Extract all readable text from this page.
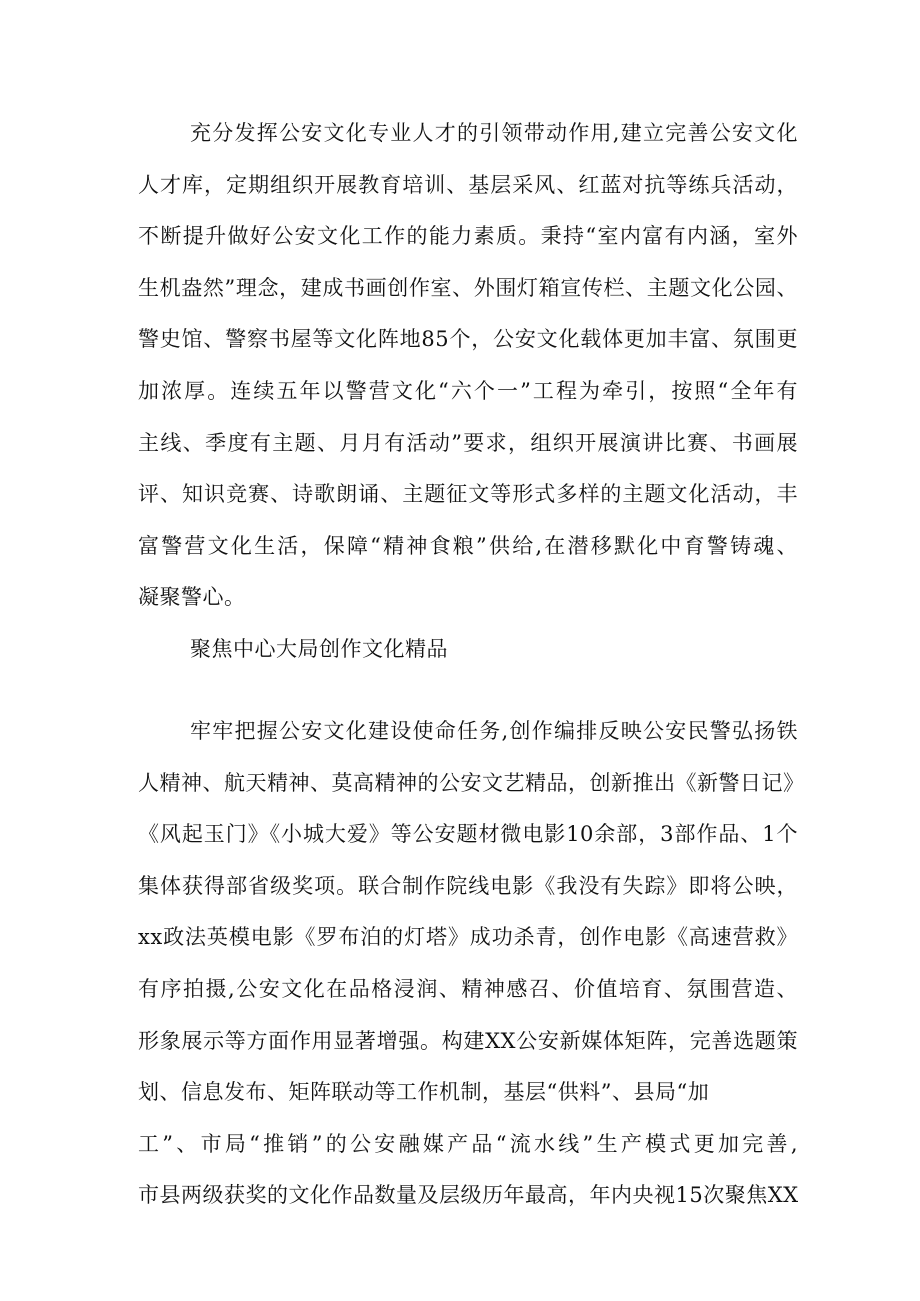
充分发挥公安文化专业人才的引领带动作用,建立完善公安文化
人才库，定期组织开展教育培训、基层采风、红蓝对抗等练兵活动，
不断提升做好公安文化工作的能力素质。秉持“室内富有内涵，室外
生机盎然”理念，建成书画创作室、外围灯箱宣传栏、主题文化公园、
警史馆、警察书屋等文化阵地85个，公安文化载体更加丰富、氛围更
加浓厚。连续五年以警营文化“六个一”工程为牵引，按照“全年有
主线、季度有主题、月月有活动”要求，组织开展演讲比赛、书画展
评、知识竞赛、诗歌朗诵、主题征文等形式多样的主题文化活动，丰
富警营文化生活，保障“精神食粮”供给,在潜移默化中育警铸魂、
凝聚警心。
聚焦中心大局创作文化精品
牢牢把握公安文化建设使命任务,创作编排反映公安民警弘扬铁
人精神、航天精神、莫高精神的公安文艺精品，创新推出《新警日记》
《风起玉门》《小城大爱》等公安题材微电影10余部，3部作品、1个
集体获得部省级奖项。联合制作院线电影《我没有失踪》即将公映，
xx政法英模电影《罗布泊的灯塔》成功杀青，创作电影《高速营救》
有序拍摄,公安文化在品格浸润、精神感召、价值培育、氛围营造、
形象展示等方面作用显著增强。构建XX公安新媒体矩阵，完善选题策
划、信息发布、矩阵联动等工作机制，基层“供料”、县局“加
工”、市局“推销”的公安融媒产品“流水线”生产模式更加完善,
市县两级获奖的文化作品数量及层级历年最高，年内央视15次聚焦XX
